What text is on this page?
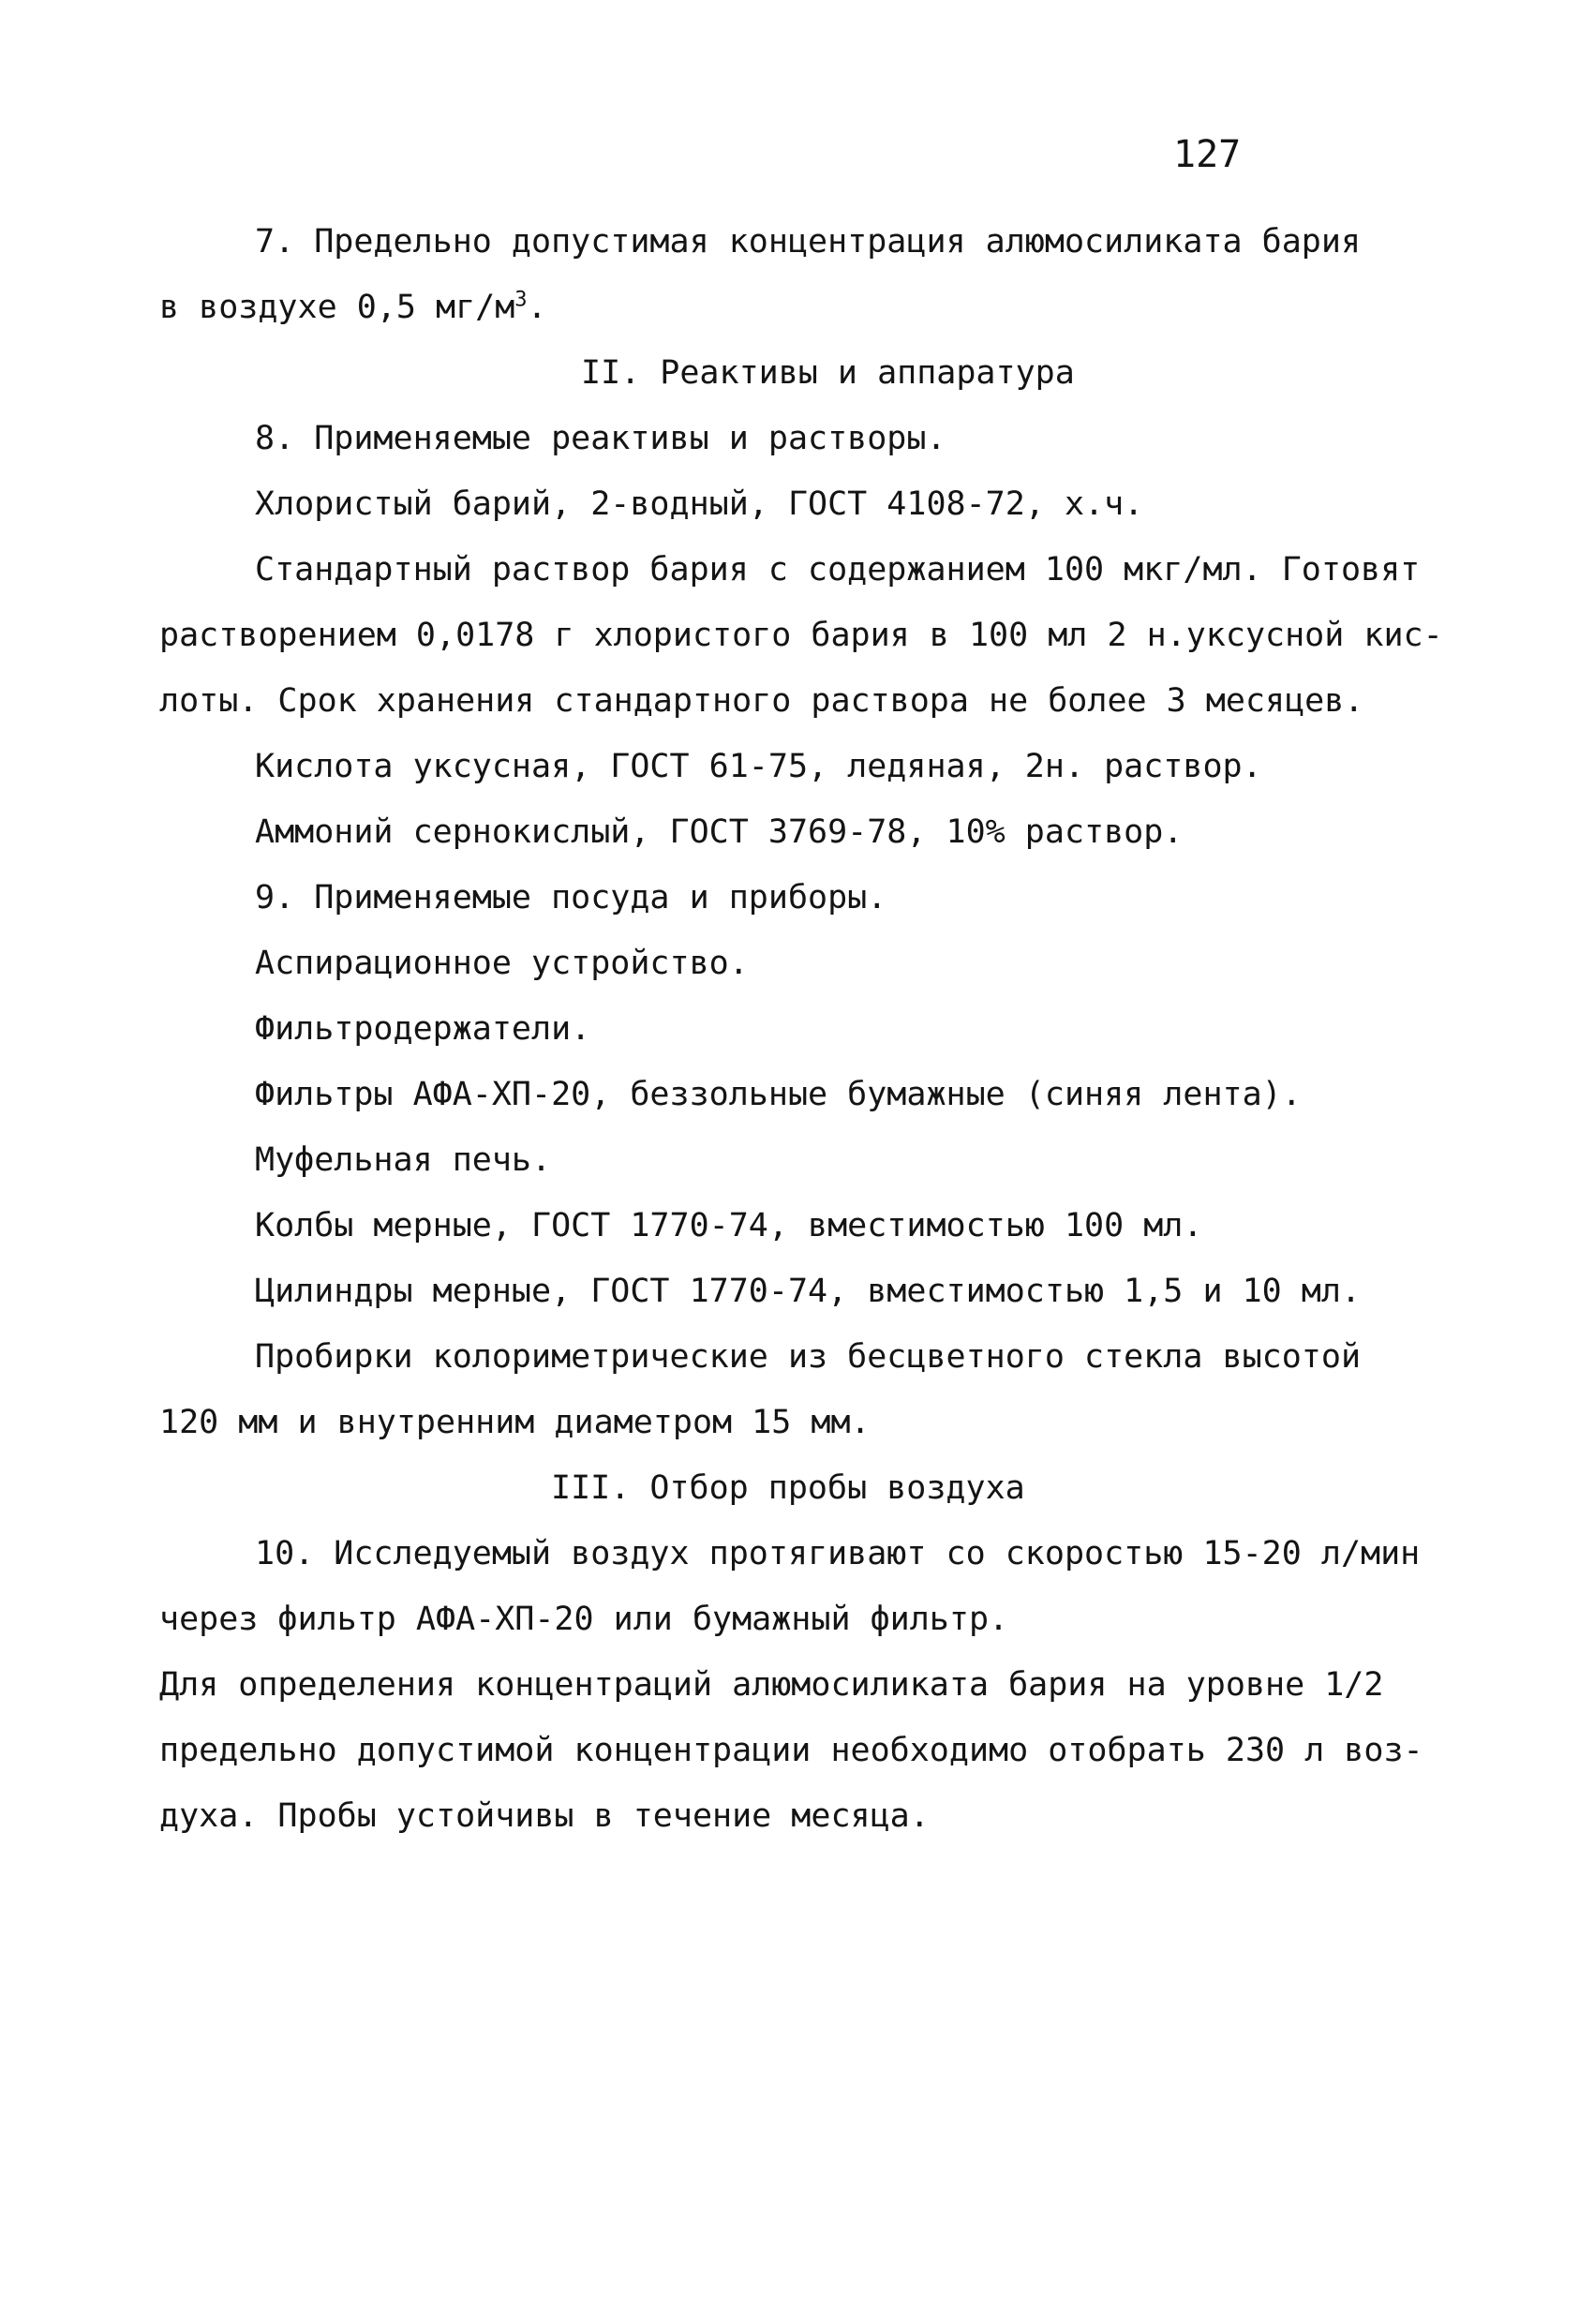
127
7. Предельно допустимая концентрация алюмосиликата бария
в воздухе 0,5 $мг/м^3$.
II. Реактивы и аппаратура
8. Применяемые реактивы и растворы.
Хлористый барий, 2-водный, ГОСТ 4108-72, х.ч.
Стандартный раствор бария с содержанием 100 мкг/мл. Готовят
растворением 0,0178 г хлористого бария в 100 мл 2 н.уксусной кис-
лоты. Срок хранения стандартного раствора не более 3 месяцев.
Кислота уксусная, ГОСТ 61-75, ледяная, 2н. раствор.
Аммоний сернокислый, ГОСТ 3769-78, 10% раствор.
9. Применяемые посуда и приборы.
Аспирационное устройство.
Фильтродержатели.
Фильтры АФА-ХП-20, беззольные бумажные (синяя лента).
Муфельная печь.
Колбы мерные, ГОСТ 1770-74, вместимостью 100 мл.
Цилиндры мерные, ГОСТ 1770-74, вместимостью 1,5 и 10 мл.
Пробирки колориметрические из бесцветного стекла высотой
120 мм и внутренним диаметром 15 мм.
III. Отбор пробы воздуха
10. Исследуемый воздух протягивают со скоростью 15-20 л/мин
через фильтр АФА-ХП-20 или бумажный фильтр.
Для определения концентраций алюмосиликата бария на уровне 1/2
предельно допустимой концентрации необходимо отобрать 230 л воз-
духа. Пробы устойчивы в течение месяца.
